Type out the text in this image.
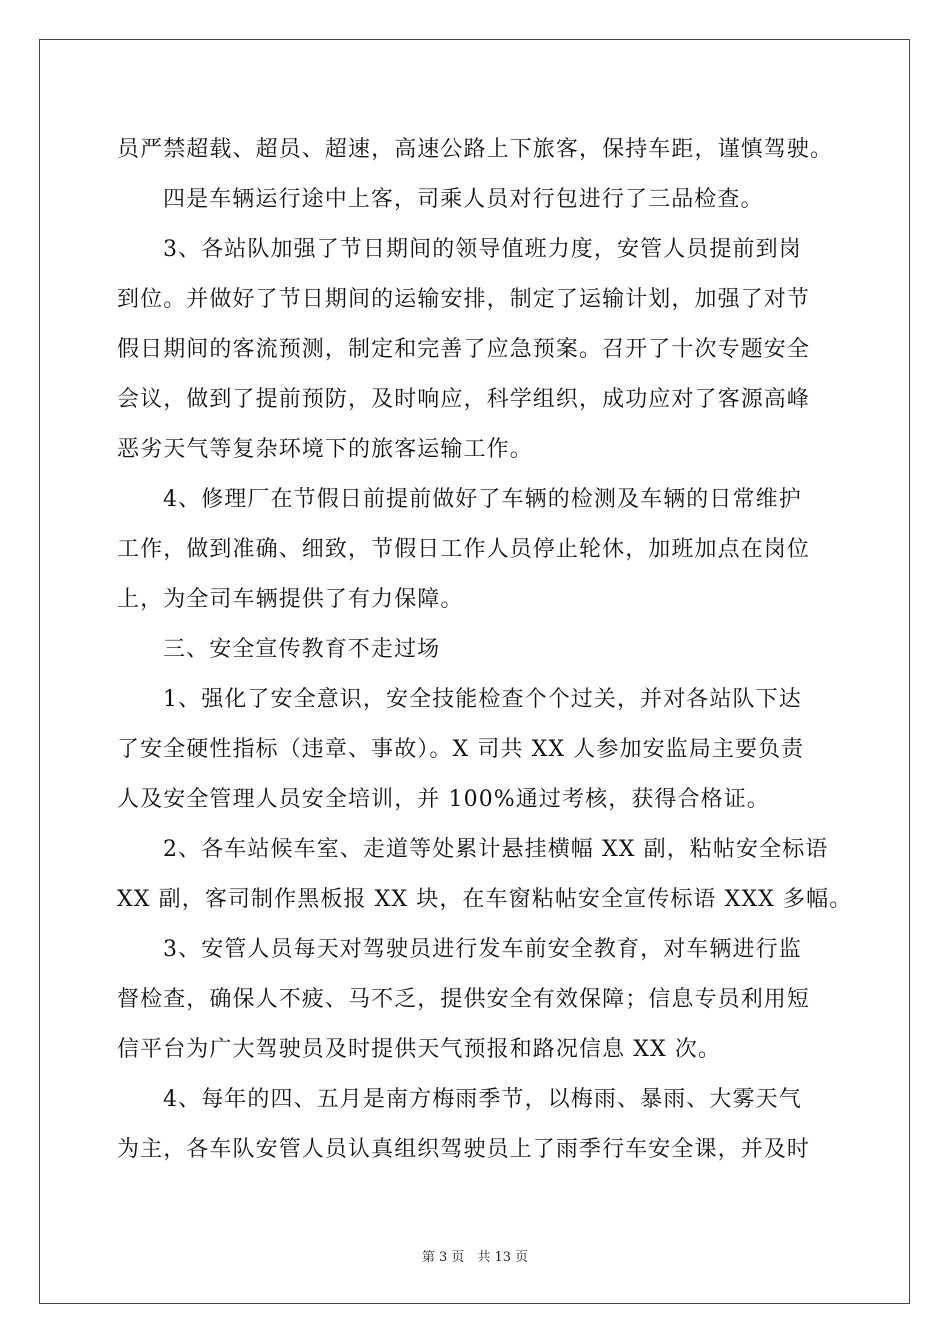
员严禁超载、超员、超速，高速公路上下旅客，保持车距，谨慎驾驶。
四是车辆运行途中上客，司乘人员对行包进行了三品检查。
3、各站队加强了节日期间的领导值班力度，安管人员提前到岗
到位。并做好了节日期间的运输安排，制定了运输计划，加强了对节
假日期间的客流预测，制定和完善了应急预案。召开了十次专题安全
会议，做到了提前预防，及时响应，科学组织，成功应对了客源高峰
恶劣天气等复杂环境下的旅客运输工作。
4、修理厂在节假日前提前做好了车辆的检测及车辆的日常维护
工作，做到准确、细致，节假日工作人员停止轮休，加班加点在岗位
上，为全司车辆提供了有力保障。
三、安全宣传教育不走过场
1、强化了安全意识，安全技能检查个个过关，并对各站队下达
了安全硬性指标（违章、事故）。X 司共 XX 人参加安监局主要负责
人及安全管理人员安全培训，并 100%通过考核，获得合格证。
2、各车站候车室、走道等处累计悬挂横幅 XX 副，粘帖安全标语
XX 副，客司制作黑板报 XX 块，在车窗粘帖安全宣传标语 XXX 多幅。
3、安管人员每天对驾驶员进行发车前安全教育，对车辆进行监
督检查，确保人不疲、马不乏，提供安全有效保障；信息专员利用短
信平台为广大驾驶员及时提供天气预报和路况信息 XX 次。
4、每年的四、五月是南方梅雨季节，以梅雨、暴雨、大雾天气
为主，各车队安管人员认真组织驾驶员上了雨季行车安全课，并及时
第 3 页　共 13 页
